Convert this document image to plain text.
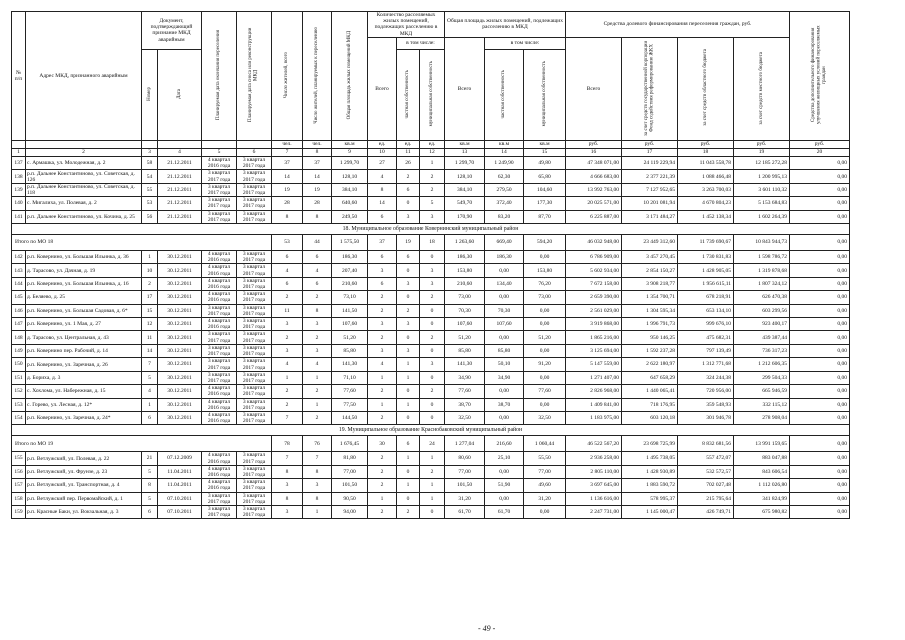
№ п/п	Адрес МКД, признанного аварийным	Документ, подтверждающий признание МКД аварийным		Планируемая дата окончания переселения	Планируемая дата сноса или реконструкции МКД	Число жителей, всего	Число жителей, планируемых к переселению	Общая площадь жилых помещений МКД	Количество расселяемых жилых помещений, подлежащих расселению в МКД			Общая площадь жилых помещений, подлежащих расселению в МКД			Средства долевого финансирования переселения граждан, руб.				Средства дополнительного финансирования улучшения жилищных условий переселяемых граждан
									Всего	в том числе:		Всего	в том числе:		Всего	за счет средств государственной корпорации Фонд содействия реформированию ЖКХ	за счет средств областного бюджета	за счет средств местного бюджета	
		Номер	Дата							частная собственность	муниципальная собственность		частная собственность	муниципальная собственность					
						чел.	чел.	кв.м	ед.	ед.	ед.	кв.м	кв.м	кв.м	руб.	руб.	руб.	руб.	руб.
1	2	3	4	5	6	7	8	9	10	11	12	13	14	15	16	17	18	19	20
137	с. Армашка, ул. Молодежная, д. 2	58	21.12.2011	4 квартал 2016 года	3 квартал 2017 года	37	37	1 299,70	27	26	1	1 299,70	1 249,90	49,80	47 348 071,00	24 119 229,94	11 043 558,78	12 185 272,28	0,00
138	р.п. Дальнее Константиново, ул. Советская, д. 126	54	21.12.2011	3 квартал 2017 года	3 квартал 2017 года	14	14	128,10	4	2	2	128,10	62,30	65,80	4 666 683,00	2 377 221,39	1 088 466,48	1 200 995,13	0,00
139	р.п. Дальнее Константиново, ул. Советская, д. 118	55	21.12.2011	3 квартал 2017 года	3 квартал 2017 года	19	19	384,10	8	6	2	384,10	279,50	104,60	13 992 763,00	7 127 952,65	3 263 700,03	3 601 110,32	0,00
140	с. Мигалиха, ул. Полевая, д. 2	53	21.12.2011	3 квартал 2017 года	3 квартал 2017 года	28	28	640,60	14	0	5	549,70	372,40	177,30	20 025 571,00	10 201 081,94	4 670 804,23	5 153 684,83	0,00
141	р.п. Дальнее Константиново, ул. Кочина, д. 25	56	21.12.2011	3 квартал 2017 года	3 квартал 2017 года	8	8	249,50	6	3	3	170,90	83,20	87,70	6 225 887,00	3 171 484,27	1 452 138,34	1 602 264,39	0,00
18. Муниципальное образование Ковернинский муниципальный район																			
Итого по МО 18						53	44	1 575,50	37	19	18	1 263,60	669,40	594,20	46 032 948,00	23 449 312,60	11 739 690,67	10 843 944,73	0,00
142	р.п. Ковернино, ул. Большая Ильинка, д. 36	1	30.12.2011	4 квартал 2016 года	3 квартал 2017 года	6	6	186,30	6	6	0	186,30	186,30	0,00	6 786 909,00	3 457 270,45	1 730 831,83	1 598 786,72	0,00
143	д. Тарасово, ул. Дачная, д. 19	10	30.12.2011	4 квартал 2016 года	3 квартал 2017 года	4	4	207,40	3	0	3	153,80	0,00	153,80	5 602 934,00	2 854 150,27	1 428 905,05	1 319 878,68	0,00
144	р.п. Ковернино, ул. Большая Ильинка, д. 16	2	30.12.2011	4 квартал 2016 года	3 квартал 2017 года	6	6	210,60	6	3	3	210,60	134,40	76,20	7 672 158,00	3 908 218,77	1 956 615,11	1 807 324,12	0,00
145	д. Беляево, д. 25	17	30.12.2011	4 квартал 2016 года	3 квартал 2017 года	2	2	73,10	2	0	2	73,00	0,00	73,00	2 659 390,00	1 354 700,71	678 218,91	626 470,38	0,00
146	р.п. Ковернино, ул. Большая Садовая, д. 6*	15	30.12.2011	3 квартал 2017 года	3 квартал 2017 года	11	8	141,50	2	2	0	70,30	70,30	0,00	2 561 029,00	1 304 595,34	653 134,10	603 299,56	0,00
147	р.п. Ковернино, ул. 1 Мая, д. 27	12	30.12.2011	4 квартал 2016 года	3 квартал 2017 года	3	3	107,60	3	3	0	107,60	107,60	0,00	3 919 868,00	1 996 791,73	999 676,10	923 400,17	0,00
148	д. Тарасово, ул. Центральная, д. 43	11	30.12.2011	3 квартал 2017 года	3 квартал 2017 года	2	2	51,20	2	0	2	51,20	0,00	51,20	1 865 216,00	950 146,25	475 682,31	439 387,44	0,00
149	р.п. Ковернино пер. Рабочий, д. 14	14	30.12.2011	3 квартал 2017 года	3 квартал 2017 года	3	3	85,80	3	3	0	85,80	85,80	0,00	3 125 694,00	1 592 237,28	797 139,49	736 317,23	0,00
150	р.п. Ковернино, ул. Заречная, д. 26	7	30.12.2011	3 квартал 2017 года	3 квартал 2017 года	4	4	141,30	4	1	3	141,30	50,10	91,20	5 147 559,00	2 622 180,97	1 312 771,68	1 212 606,35	0,00
151	д. Бориха, д. 3	5	30.12.2011	3 квартал 2017 года	3 квартал 2017 года	1	1	71,10	1	1	0	34,90	34,90	0,00	1 271 407,00	647 658,29	324 244,38	299 504,33	0,00
152	с. Хохлома, ул. Набережная, д. 15	4	30.12.2011	4 квартал 2016 года	3 квартал 2017 года	2	2	77,60	2	0	2	77,60	0,00	77,60	2 826 968,00	1 440 065,41	720 956,00	665 946,59	0,00
153	с. Горево, ул. Лесная, д. 12*	1	30.12.2011	4 квартал 2016 года	3 квартал 2017 года	2	1	77,50	1	1	0	38,70	38,70	0,00	1 409 841,00	718 176,95	359 548,93	332 115,12	0,00
154	р.п. Ковернино, ул. Заречная, д. 24*	6	30.12.2011	4 квартал 2016 года	3 квартал 2017 года	7	2	144,50	2	0	0	32,50	0,00	32,50	1 183 975,00	603 120,18	301 946,78	278 908,04	0,00
19. Муниципальное образование Краснобаковский муниципальный район																			
Итого по МО 19						78	76	1 676,45	30	6	24	1 277,04	216,60	1 060,44	46 522 567,20	23 698 725,99	8 832 681,56	13 991 159,65	0,00
155	р.п. Ветлужский, ул. Полевая, д. 22	21	07.12.2009	4 квартал 2016 года	3 квартал 2017 года	7	7	81,80	2	1	1	80,60	25,10	55,50	2 936 258,00	1 495 738,05	557 472,07	883 047,88	0,00
156	р.п. Ветлужский, ул. Фрунзе, д. 23	5	11.04.2011	4 квартал 2016 года	3 квартал 2017 года	8	8	77,00	2	0	2	77,00	0,00	77,00	2 805 110,00	1 428 930,89	532 572,57	843 606,54	0,00
157	р.п. Ветлужский, ул. Транспортная, д. 4	8	11.04.2011	4 квартал 2016 года	3 квартал 2017 года	3	3	101,50	2	1	1	101,50	51,90	49,60	3 697 645,00	1 883 590,72	702 027,48	1 112 026,80	0,00
158	р.п. Ветлужский пер. Первомайский, д. 1	5	07.10.2011	3 квартал 2017 года	3 квартал 2017 года	8	8	90,50	1	0	1	31,20	0,00	31,20	1 136 616,00	578 995,37	215 795,64	341 824,99	0,00
159	р.п. Красные Баки, ул. Вокзальная, д. 3	6	07.10.2011	3 квартал 2017 года	3 квартал 2017 года	3	1	94,00	2	2	0	61,70	61,70	0,00	2 247 731,00	1 145 000,47	426 749,71	675 980,82	0,00
- 49 -
